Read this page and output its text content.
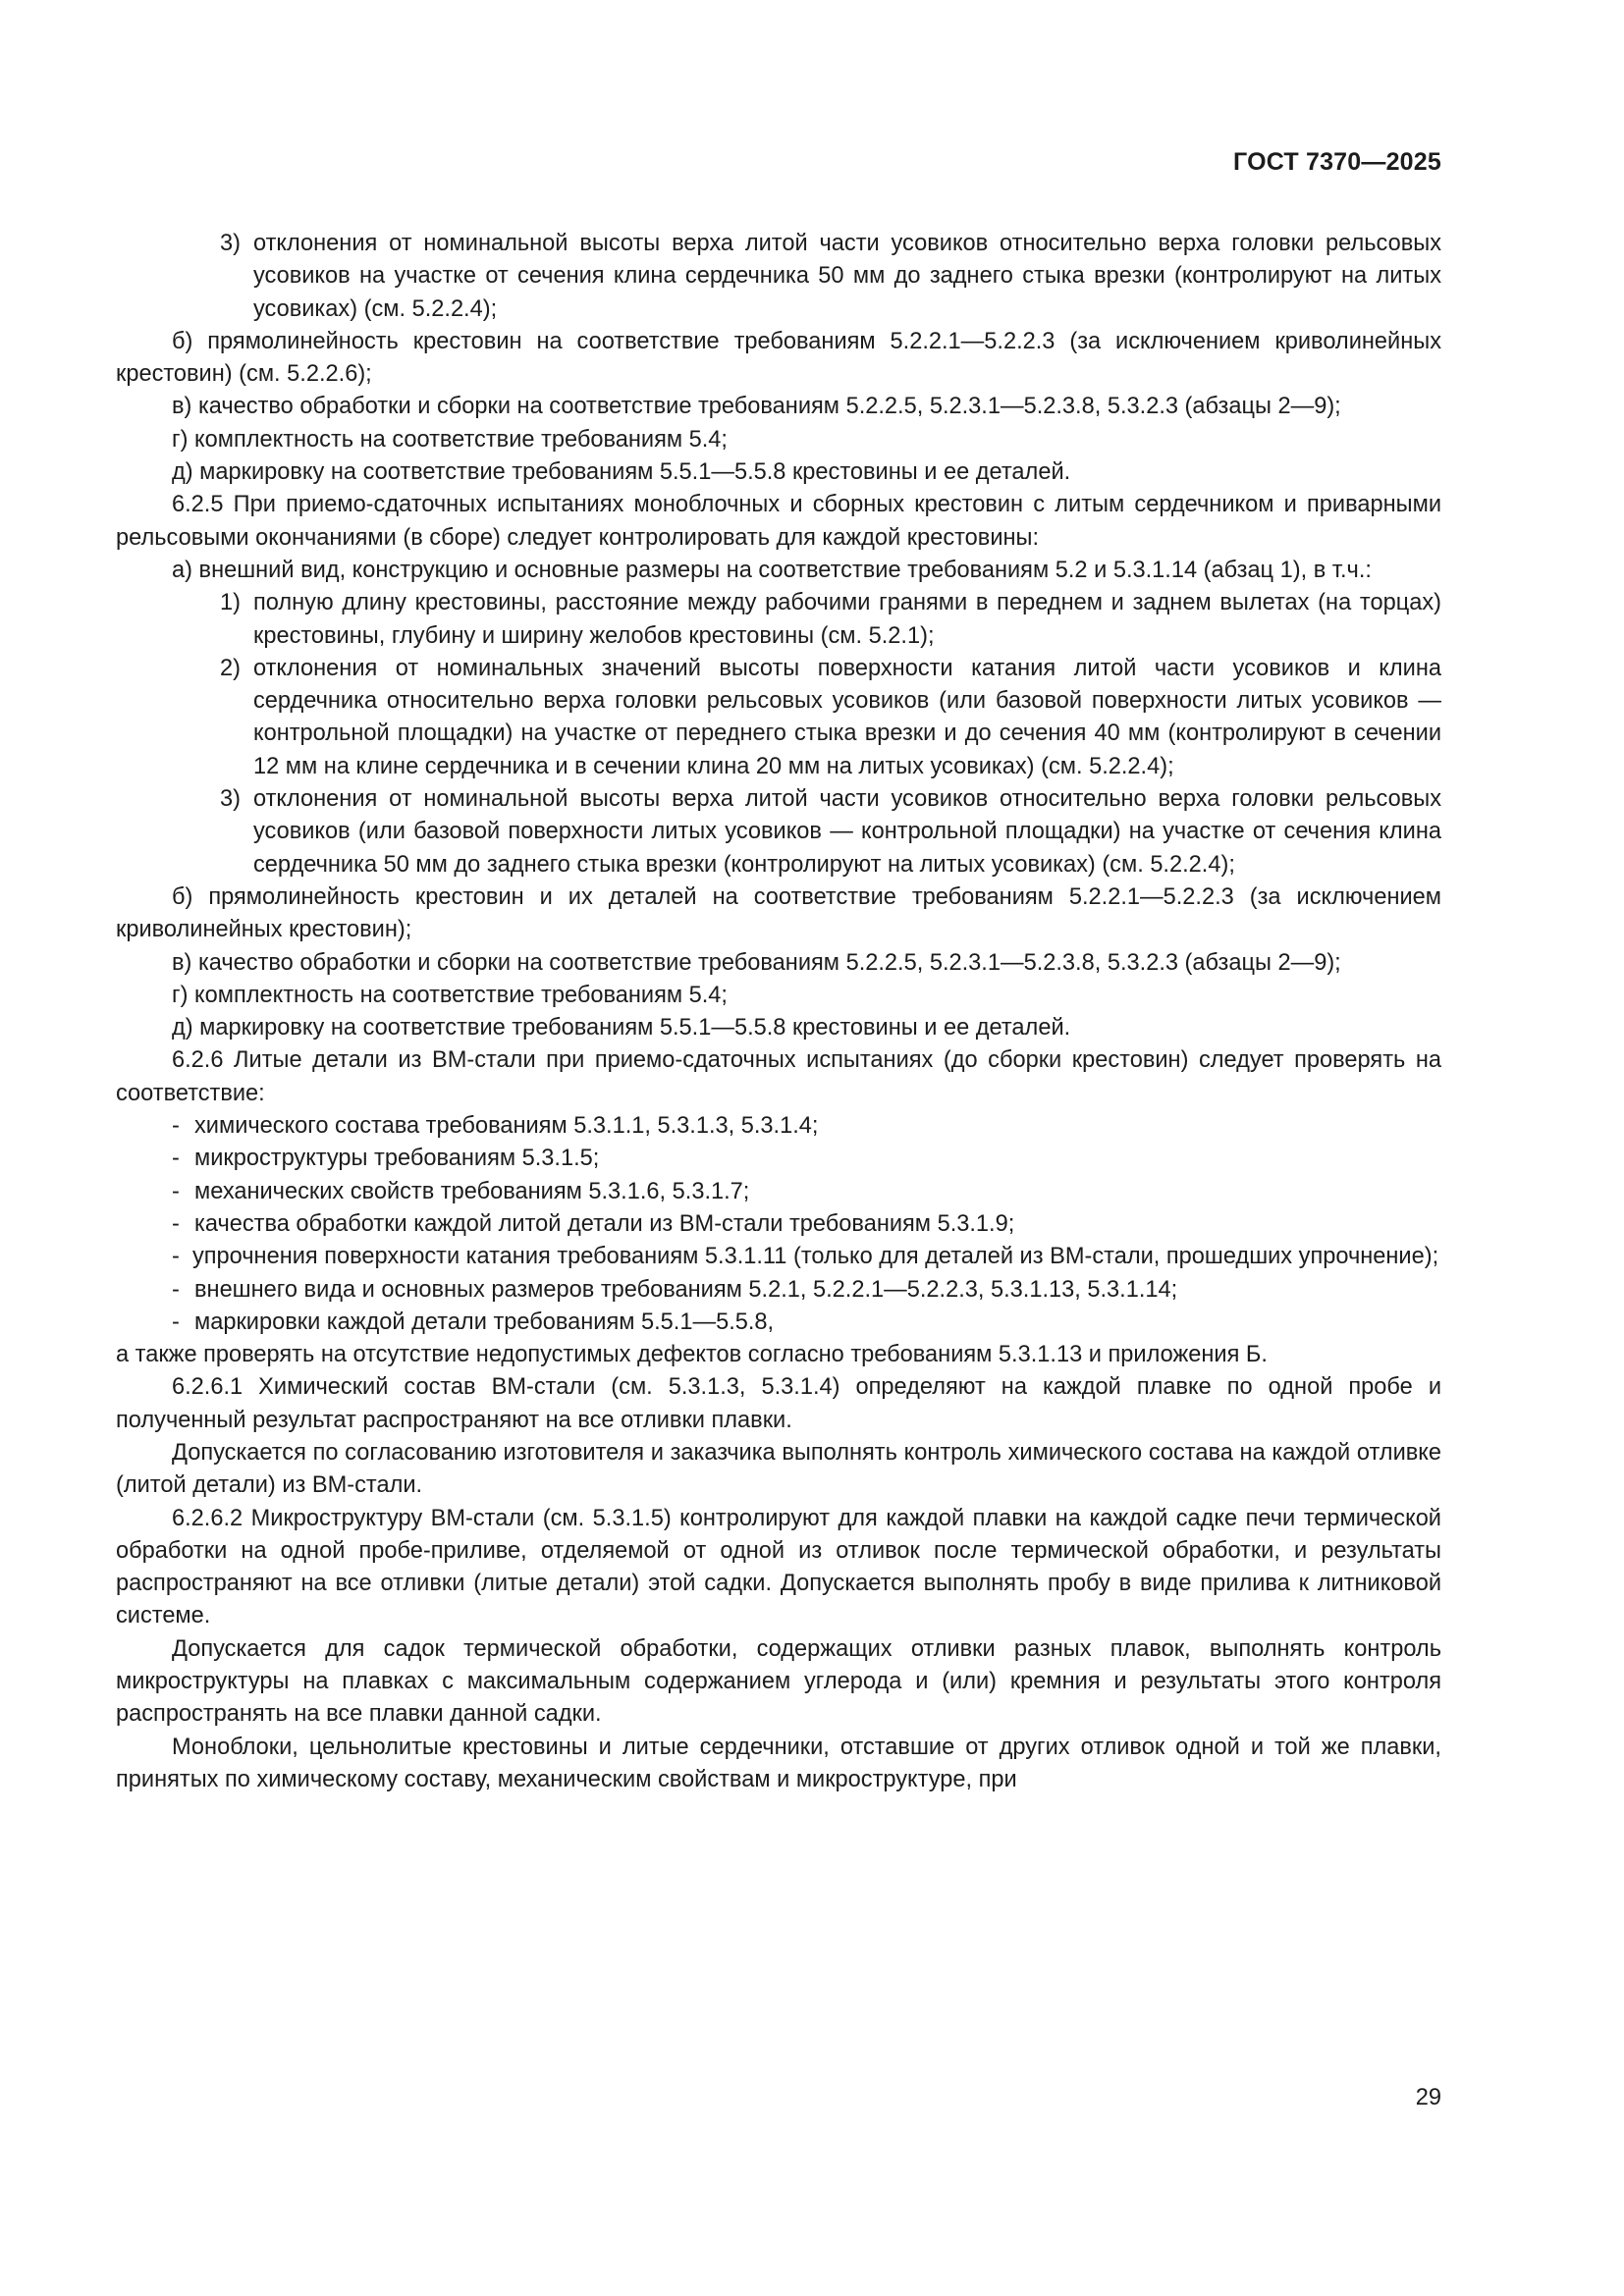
ГОСТ 7370—2025

3) отклонения от номинальной высоты верха литой части усовиков относительно верха головки рельсовых усовиков на участке от сечения клина сердечника 50 мм до заднего стыка врезки (контролируют на литых усовиках) (см. 5.2.2.4);

б) прямолинейность крестовин на соответствие требованиям 5.2.2.1—5.2.2.3 (за исключением криволинейных крестовин) (см. 5.2.2.6);

в) качество обработки и сборки на соответствие требованиям 5.2.2.5, 5.2.3.1—5.2.3.8, 5.3.2.3 (абзацы 2—9);

г) комплектность на соответствие требованиям 5.4;

д) маркировку на соответствие требованиям 5.5.1—5.5.8 крестовины и ее деталей.

6.2.5 При приемо-сдаточных испытаниях моноблочных и сборных крестовин с литым сердечником и приварными рельсовыми окончаниями (в сборе) следует контролировать для каждой крестовины:

а) внешний вид, конструкцию и основные размеры на соответствие требованиям 5.2 и 5.3.1.14 (абзац 1), в т.ч.:

1) полную длину крестовины, расстояние между рабочими гранями в переднем и заднем вылетах (на торцах) крестовины, глубину и ширину желобов крестовины (см. 5.2.1);

2) отклонения от номинальных значений высоты поверхности катания литой части усовиков и клина сердечника относительно верха головки рельсовых усовиков (или базовой поверхности литых усовиков — контрольной площадки) на участке от переднего стыка врезки и до сечения 40 мм (контролируют в сечении 12 мм на клине сердечника и в сечении клина 20 мм на литых усовиках) (см. 5.2.2.4);

3) отклонения от номинальной высоты верха литой части усовиков относительно верха головки рельсовых усовиков (или базовой поверхности литых усовиков — контрольной площадки) на участке от сечения клина сердечника 50 мм до заднего стыка врезки (контролируют на литых усовиках) (см. 5.2.2.4);

б) прямолинейность крестовин и их деталей на соответствие требованиям 5.2.2.1—5.2.2.3 (за исключением криволинейных крестовин);

в) качество обработки и сборки на соответствие требованиям 5.2.2.5, 5.2.3.1—5.2.3.8, 5.3.2.3 (абзацы 2—9);

г) комплектность на соответствие требованиям 5.4;

д) маркировку на соответствие требованиям 5.5.1—5.5.8 крестовины и ее деталей.

6.2.6 Литые детали из ВМ-стали при приемо-сдаточных испытаниях (до сборки крестовин) следует проверять на соответствие:

- химического состава требованиям 5.3.1.1, 5.3.1.3, 5.3.1.4;

- микроструктуры требованиям 5.3.1.5;

- механических свойств требованиям 5.3.1.6, 5.3.1.7;

- качества обработки каждой литой детали из ВМ-стали требованиям 5.3.1.9;

-  упрочнения поверхности катания требованиям 5.3.1.11 (только для деталей из ВМ-стали, прошедших упрочнение);

- внешнего вида и основных размеров требованиям 5.2.1, 5.2.2.1—5.2.2.3, 5.3.1.13, 5.3.1.14;

- маркировки каждой детали требованиям 5.5.1—5.5.8,

а также проверять на отсутствие недопустимых дефектов согласно требованиям 5.3.1.13 и приложения Б.

6.2.6.1 Химический состав ВМ-стали (см. 5.3.1.3, 5.3.1.4) определяют на каждой плавке по одной пробе и полученный результат распространяют на все отливки плавки.

Допускается по согласованию изготовителя и заказчика выполнять контроль химического состава на каждой отливке (литой детали) из ВМ-стали.

6.2.6.2 Микроструктуру ВМ-стали (см. 5.3.1.5) контролируют для каждой плавки на каждой садке печи термической обработки на одной пробе-приливе, отделяемой от одной из отливок после термической обработки, и результаты распространяют на все отливки (литые детали) этой садки. Допускается выполнять пробу в виде прилива к литниковой системе.

Допускается для садок термической обработки, содержащих отливки разных плавок, выполнять контроль микроструктуры на плавках с максимальным содержанием углерода и (или) кремния и результаты этого контроля распространять на все плавки данной садки.

Моноблоки, цельнолитые крестовины и литые сердечники, отставшие от других отливок одной и той же плавки, принятых по химическому составу, механическим свойствам и микроструктуре, при

29
